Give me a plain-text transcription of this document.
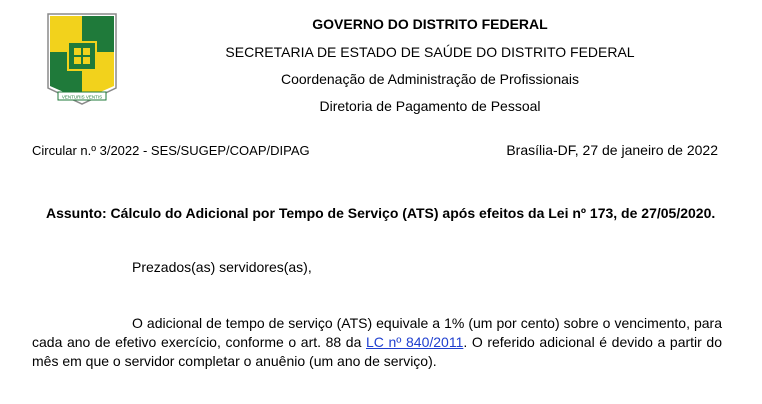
VENTURIS VENTIS
GOVERNO DO DISTRITO FEDERAL
SECRETARIA DE ESTADO DE SAÚDE DO DISTRITO FEDERAL
Coordenação de Administração de Profissionais
Diretoria de Pagamento de Pessoal
Circular n.º 3/2022 - SES/SUGEP/COAP/DIPAG	Brasília-DF, 27 de janeiro de 2022
Assunto: Cálculo do Adicional por Tempo de Serviço (ATS) após efeitos da Lei nº 173, de 27/05/2020.
Prezados(as) servidores(as),
O adicional de tempo de serviço (ATS) equivale a 1% (um por cento) sobre o vencimento, para cada ano de efetivo exercício, conforme o art. 88 da LC nº 840/2011. O referido adicional é devido a partir do mês em que o servidor completar o anuênio (um ano de serviço).
